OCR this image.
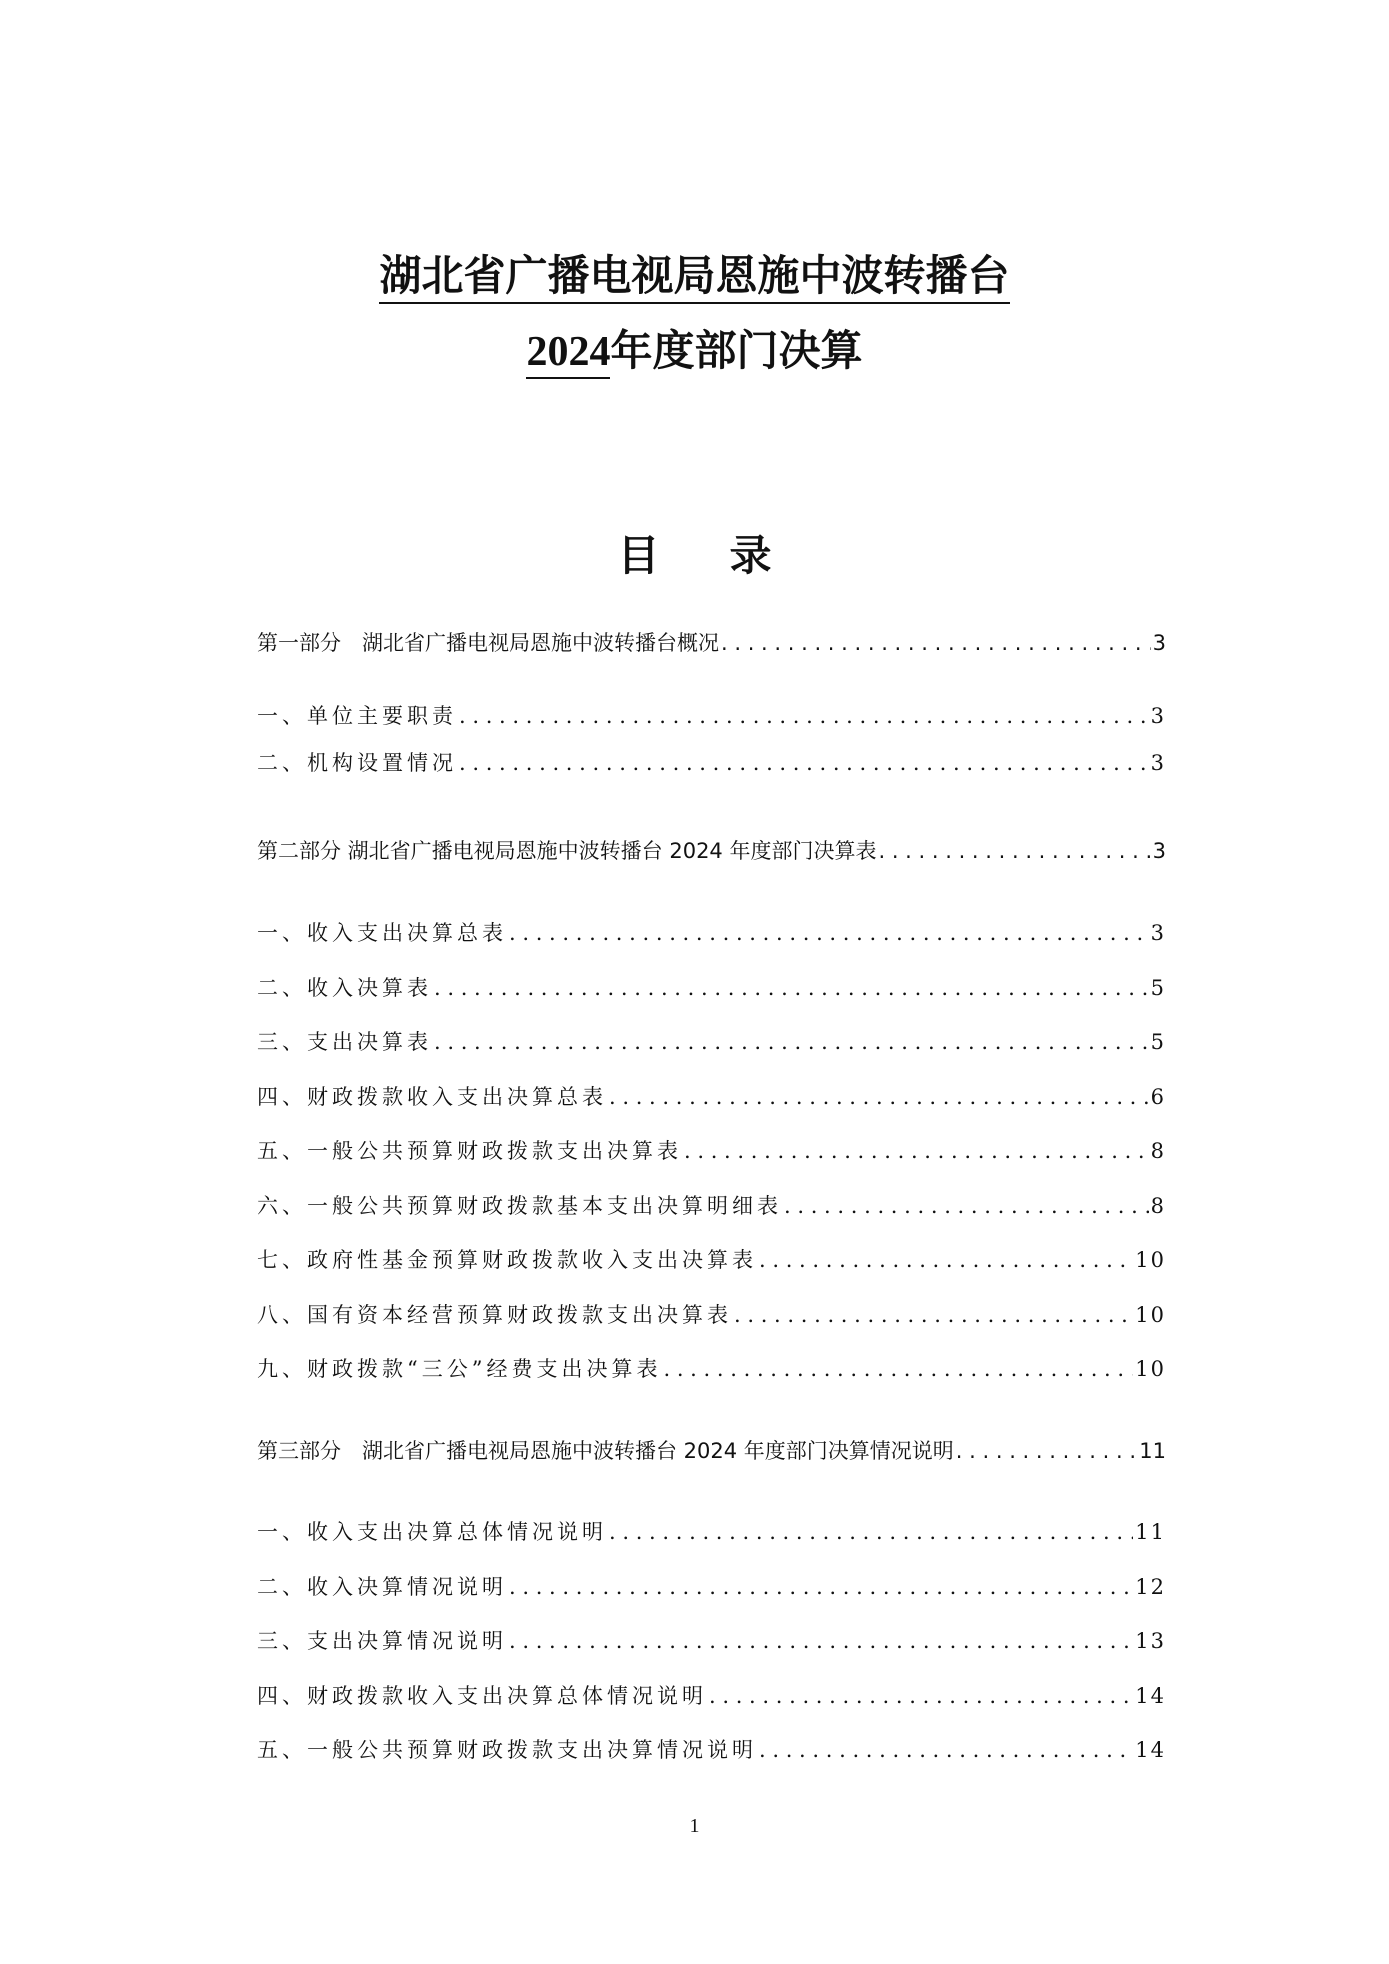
湖北省广播电视局恩施中波转播台
2024年度部门决算
目录
第一部分　湖北省广播电视局恩施中波转播台概况 . . .	3
一、单位主要职责 . . .	3
二、机构设置情况 . . .	3
第二部分 湖北省广播电视局恩施中波转播台 2024 年度部门决算表 . . .	3
一、收入支出决算总表 . . .	3
二、收入决算表 . . .	5
三、支出决算表 . . .	5
四、财政拨款收入支出决算总表 . . .	6
五、一般公共预算财政拨款支出决算表 . . .	8
六、一般公共预算财政拨款基本支出决算明细表 . . .	8
七、政府性基金预算财政拨款收入支出决算表 . . .	10
八、国有资本经营预算财政拨款支出决算表 . . .	10
九、财政拨款“三公”经费支出决算表 . . .	10
第三部分　湖北省广播电视局恩施中波转播台 2024 年度部门决算情况说明 . . .	11
一、收入支出决算总体情况说明 . . .	11
二、收入决算情况说明 . . .	12
三、支出决算情况说明 . . .	13
四、财政拨款收入支出决算总体情况说明 . . .	14
五、一般公共预算财政拨款支出决算情况说明 . . .	14
1
